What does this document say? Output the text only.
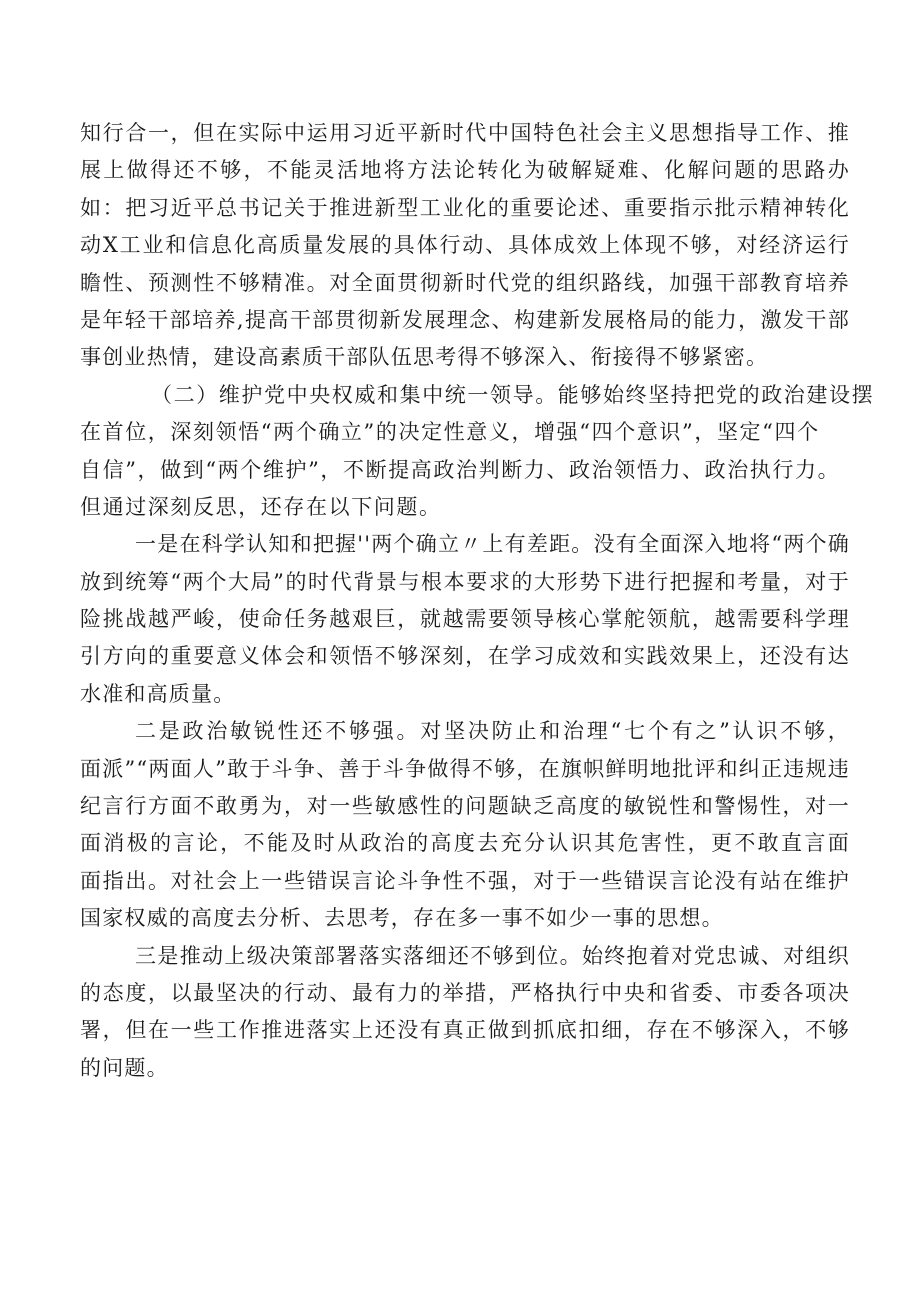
知行合一，但在实际中运用习近平新时代中国特色社会主义思想指导工作、推
展上做得还不够，不能灵活地将方法论转化为破解疑难、化解问题的思路办
如：把习近平总书记关于推进新型工业化的重要论述、重要指示批示精神转化
动X工业和信息化高质量发展的具体行动、具体成效上体现不够，对经济运行
瞻性、预测性不够精准。对全面贯彻新时代党的组织路线，加强干部教育培养
是年轻干部培养,提高干部贯彻新发展理念、构建新发展格局的能力，激发干部
事创业热情，建设高素质干部队伍思考得不够深入、衔接得不够紧密。
（二）维护党中央权威和集中统一领导。能够始终坚持把党的政治建设摆
在首位，深刻领悟“两个确立”的决定性意义，增强“四个意识”，坚定“四个
自信”，做到“两个维护”，不断提高政治判断力、政治领悟力、政治执行力。
但通过深刻反思，还存在以下问题。
一是在科学认知和把握''两个确立〃上有差距。没有全面深入地将“两个确
放到统筹“两个大局”的时代背景与根本要求的大形势下进行把握和考量，对于
险挑战越严峻，使命任务越艰巨，就越需要领导核心掌舵领航，越需要科学理
引方向的重要意义体会和领悟不够深刻，在学习成效和实践效果上，还没有达
水准和高质量。
二是政治敏锐性还不够强。对坚决防止和治理“七个有之”认识不够，
面派”“两面人”敢于斗争、善于斗争做得不够，在旗帜鲜明地批评和纠正违规违
纪言行方面不敢勇为，对一些敏感性的问题缺乏高度的敏锐性和警惕性，对一
面消极的言论，不能及时从政治的高度去充分认识其危害性，更不敢直言面
面指出。对社会上一些错误言论斗争性不强，对于一些错误言论没有站在维护
国家权威的高度去分析、去思考，存在多一事不如少一事的思想。
三是推动上级决策部署落实落细还不够到位。始终抱着对党忠诚、对组织
的态度，以最坚决的行动、最有力的举措，严格执行中央和省委、市委各项决
署，但在一些工作推进落实上还没有真正做到抓底扣细，存在不够深入，不够
的问题。
